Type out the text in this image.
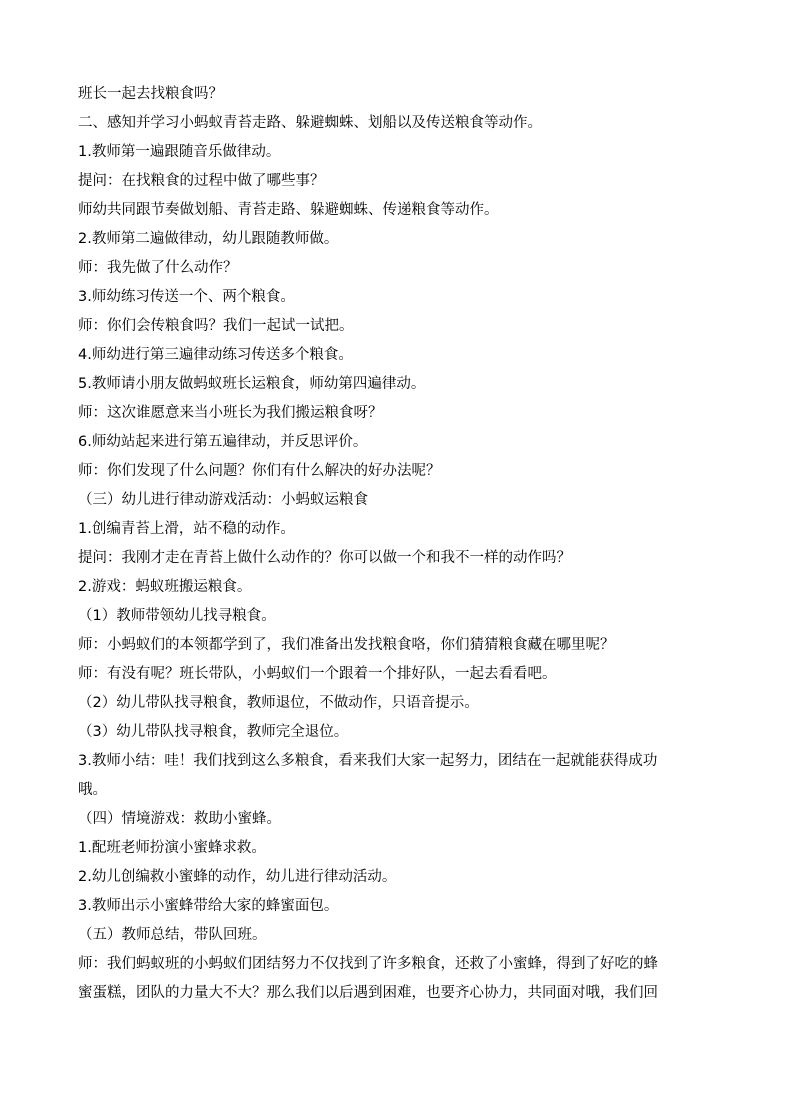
班长一起去找粮食吗？
二、感知并学习小蚂蚁青苔走路、躲避蜘蛛、划船以及传送粮食等动作。
1.教师第一遍跟随音乐做律动。
提问：在找粮食的过程中做了哪些事？
师幼共同跟节奏做划船、青苔走路、躲避蜘蛛、传递粮食等动作。
2.教师第二遍做律动，幼儿跟随教师做。
师：我先做了什么动作？
3.师幼练习传送一个、两个粮食。
师：你们会传粮食吗？我们一起试一试把。
4.师幼进行第三遍律动练习传送多个粮食。
5.教师请小朋友做蚂蚁班长运粮食，师幼第四遍律动。
师：这次谁愿意来当小班长为我们搬运粮食呀？
6.师幼站起来进行第五遍律动，并反思评价。
师：你们发现了什么问题？你们有什么解决的好办法呢？
（三）幼儿进行律动游戏活动：小蚂蚁运粮食
1.创编青苔上滑，站不稳的动作。
提问：我刚才走在青苔上做什么动作的？你可以做一个和我不一样的动作吗？
2.游戏：蚂蚁班搬运粮食。
（1）教师带领幼儿找寻粮食。
师：小蚂蚁们的本领都学到了，我们准备出发找粮食咯，你们猜猜粮食藏在哪里呢？
师：有没有呢？班长带队，小蚂蚁们一个跟着一个排好队，一起去看看吧。
（2）幼儿带队找寻粮食，教师退位，不做动作，只语音提示。
（3）幼儿带队找寻粮食，教师完全退位。
3.教师小结：哇！我们找到这么多粮食，看来我们大家一起努力，团结在一起就能获得成功
哦。
（四）情境游戏：救助小蜜蜂。
1.配班老师扮演小蜜蜂求救。
2.幼儿创编救小蜜蜂的动作，幼儿进行律动活动。
3.教师出示小蜜蜂带给大家的蜂蜜面包。
（五）教师总结，带队回班。
师：我们蚂蚁班的小蚂蚁们团结努力不仅找到了许多粮食，还救了小蜜蜂，得到了好吃的蜂
蜜蛋糕，团队的力量大不大？那么我们以后遇到困难，也要齐心协力，共同面对哦，我们回
